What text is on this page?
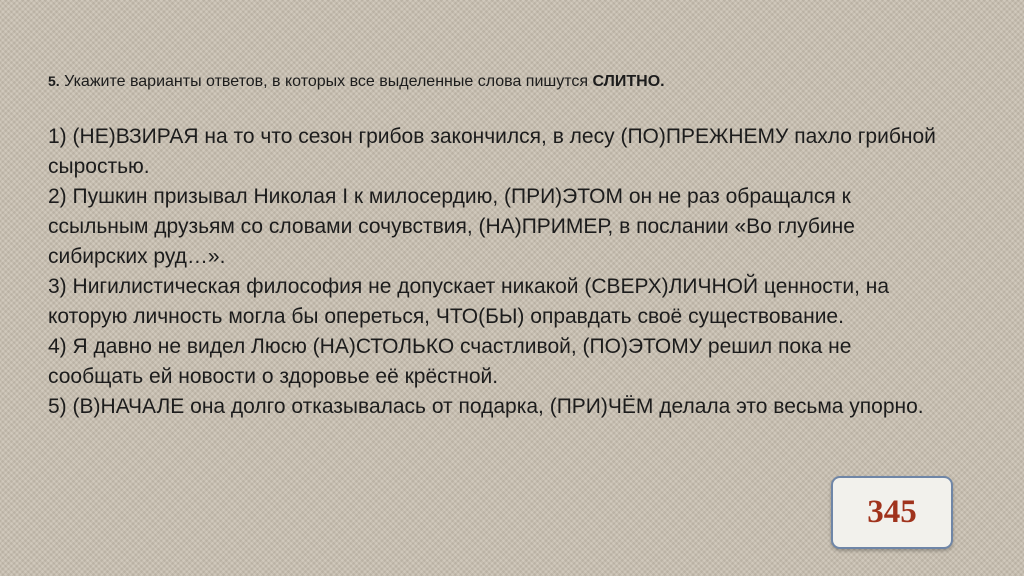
5. Укажите варианты ответов, в которых все выделенные слова пишутся СЛИТНО.

1) (НЕ)ВЗИРАЯ на то что сезон грибов закончился, в лесу (ПО)ПРЕЖНЕМУ пахло грибной сыростью.

2) Пушкин призывал Николая I к милосердию, (ПРИ)ЭТОМ он не раз обращался к ссыльным друзьям со словами сочувствия, (НА)ПРИМЕР, в послании «Во глубине сибирских руд…».

3) Нигилистическая философия не допускает никакой (СВЕРХ)ЛИЧНОЙ ценности, на которую личность могла бы опереться, ЧТО(БЫ) оправдать своё существование.

4) Я давно не видел Люсю (НА)СТОЛЬКО счастливой, (ПО)ЭТОМУ решил пока не сообщать ей новости о здоровье её крёстной.

5) (В)НАЧАЛЕ она долго отказывалась от подарка, (ПРИ)ЧЁМ делала это весьма упорно.

345
